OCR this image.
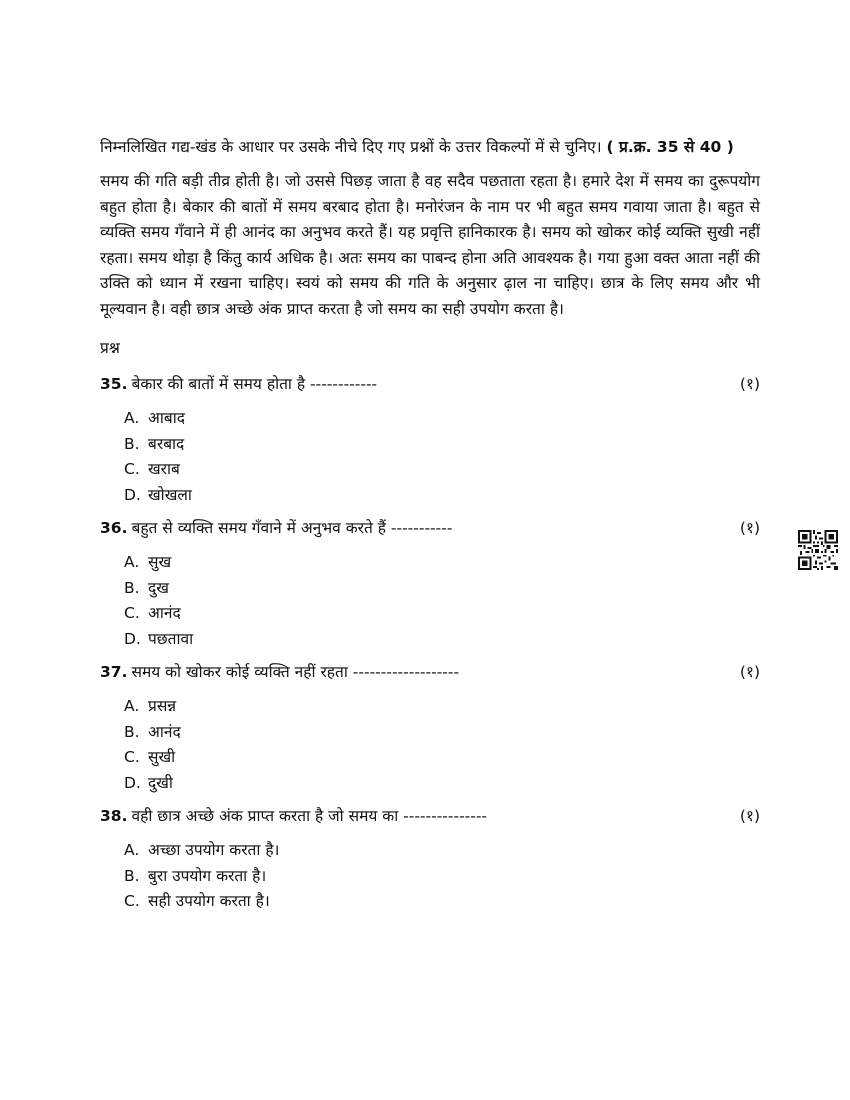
निम्नलिखित गद्य-खंड के आधार पर उसके नीचे दिए गए प्रश्नों के उत्तर विकल्पों में से चुनिए। ( प्र.क्र. 35 से 40 )

समय की गति बड़ी तीव्र होती है। जो उससे पिछड़ जाता है वह सदैव पछताता रहता है। हमारे देश में समय का दुरूपयोग बहुत होता है। बेकार की बातों में समय बरबाद होता है। मनोरंजन के नाम पर भी बहुत समय गवाया जाता है। बहुत से व्यक्ति समय गँवाने में ही आनंद का अनुभव करते हैं। यह प्रवृत्ति हानिकारक है। समय को खोकर कोई व्यक्ति सुखी नहीं रहता। समय थोड़ा है किंतु कार्य अधिक है। अतः समय का पाबन्द होना अति आवश्यक है। गया हुआ वक्त आता नहीं की उक्ति को ध्यान में रखना चाहिए। स्वयं को समय की गति के अनुसार ढ़ाल ना चाहिए। छात्र के लिए समय और भी मूल्यवान है। वही छात्र अच्छे अंक प्राप्त करता है जो समय का सही उपयोग करता है।

प्रश्न

35. बेकार की बातों में समय होता है ------------	(१)
A. आबाद
B. बरबाद
C. खराब
D. खोखला
36. बहुत से व्यक्ति समय गँवाने में अनुभव करते हैं -----------	(१)
A. सुख
B. दुख
C. आनंद
D. पछतावा
37. समय को खोकर कोई व्यक्ति नहीं रहता -------------------	(१)
A. प्रसन्न
B. आनंद
C. सुखी
D. दुखी
38. वही छात्र अच्छे अंक प्राप्त करता है जो समय का ---------------	(१)
A. अच्छा उपयोग करता है।
B. बुरा उपयोग करता है।
C. सही उपयोग करता है।
